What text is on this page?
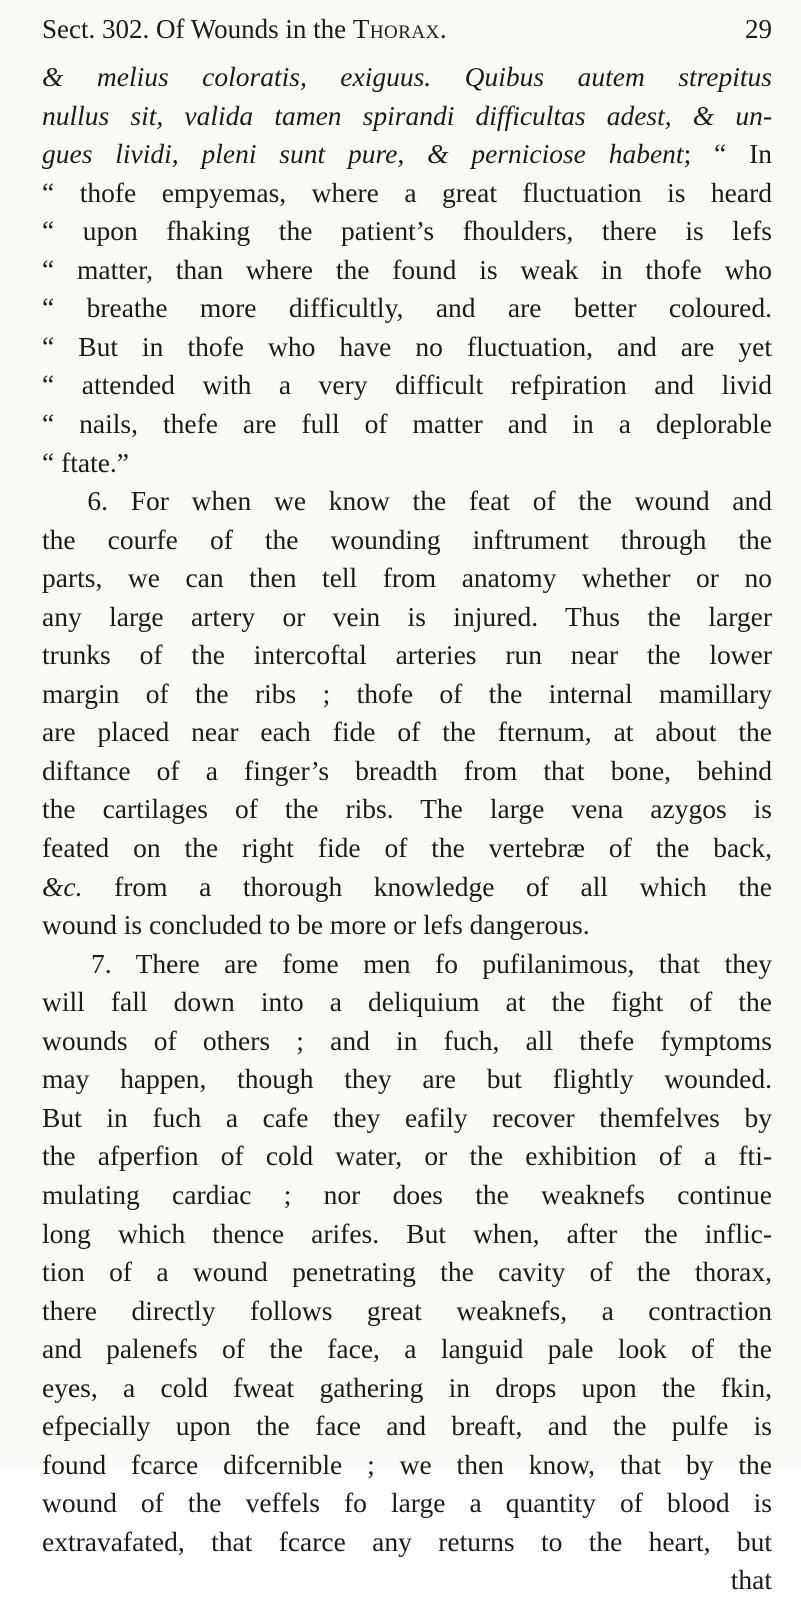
Sect. 302. Of Wounds in the Thorax.	29
& melius coloratis, exiguus. Quibus autem strepitus
nullus sit, valida tamen spirandi difficultas adest, & un-
gues lividi, pleni sunt pure, & perniciose habent; “ In
“ thofe empyemas, where a great fluctuation is heard
“ upon fhaking the patient’s fhoulders, there is lefs
“ matter, than where the found is weak in thofe who
“ breathe more difficultly, and are better coloured.
“ But in thofe who have no fluctuation, and are yet
“ attended with a very difficult refpiration and livid
“ nails, thefe are full of matter and in a deplorable
“ ftate.”
6. For when we know the feat of the wound and
the courfe of the wounding inftrument through the
parts, we can then tell from anatomy whether or no
any large artery or vein is injured. Thus the larger
trunks of the intercoftal arteries run near the lower
margin of the ribs ; thofe of the internal mamillary
are placed near each fide of the fternum, at about the
diftance of a finger’s breadth from that bone, behind
the cartilages of the ribs. The large vena azygos is
feated on the right fide of the vertebræ of the back,
&c. from a thorough knowledge of all which the
wound is concluded to be more or lefs dangerous.
7. There are fome men fo pufilanimous, that they
will fall down into a deliquium at the fight of the
wounds of others ; and in fuch, all thefe fymptoms
may happen, though they are but flightly wounded.
But in fuch a cafe they eafily recover themfelves by
the afperfion of cold water, or the exhibition of a fti-
mulating cardiac ; nor does the weaknefs continue
long which thence arifes. But when, after the inflic-
tion of a wound penetrating the cavity of the thorax,
there directly follows great weaknefs, a contraction
and palenefs of the face, a languid pale look of the
eyes, a cold fweat gathering in drops upon the fkin,
efpecially upon the face and breaft, and the pulfe is
found fcarce difcernible ; we then know, that by the
wound of the veffels fo large a quantity of blood is
extravafated, that fcarce any returns to the heart, but
that
